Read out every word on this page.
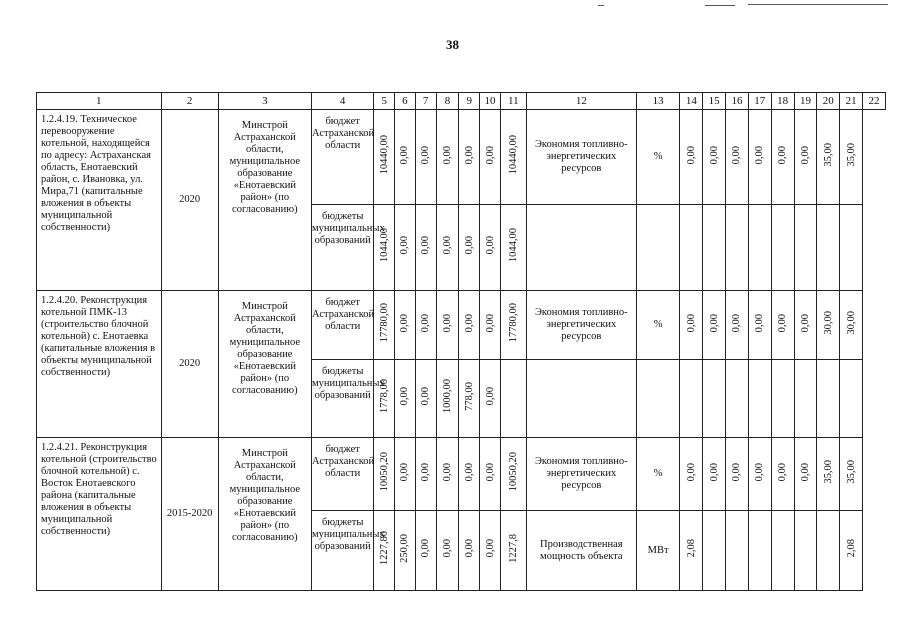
38
1	2	3	4	5	6	7	8	9	10	11	12	13	14	15	16	17	18	19	20	21	22
1.2.4.19. Техническое перевооружение котельной, находящейся по адресу: Астраханская область, Енотаевский район, с. Ивановка, ул. Мира,71 (капитальные вложения в объекты муниципальной собственности)	2020	Минстрой Астраханской области, муниципальное образование «Енотаевский район» (по согласованию)	бюджет Астраханской области	10440,00	0,00	0,00	0,00	0,00	0,00	10440,00	Экономия топливно-энергетических ресурсов	%	0,00	0,00	0,00	0,00	0,00	0,00	35,00	35,00	
			бюджеты муниципальных образований	1044,00	0,00	0,00	0,00	0,00	0,00	1044,00											
1.2.4.20. Реконструкция котельной ПМК-13 (строительство блочной котельной) с. Енотаевка (капитальные вложения в объекты муниципальной собственности)	2020	Минстрой Астраханской области, муниципальное образование «Енотаевский район» (по согласованию)	бюджет Астраханской области	17780,00	0,00	0,00	0,00	0,00	0,00	17780,00	Экономия топливно-энергетических ресурсов	%	0,00	0,00	0,00	0,00	0,00	0,00	30,00	30,00	
			бюджеты муниципальных образований	1778,00	0,00	0,00	1000,00	778,00	0,00												
1.2.4.21. Реконструкция котельной (строительство блочной котельной) с. Восток Енотаевского района (капитальные вложения в объекты муниципальной собственности)	2015-2020	Минстрой Астраханской области, муниципальное образование «Енотаевский район» (по согласованию)	бюджет Астраханской области	10050,20	0,00	0,00	0,00	0,00	0,00	10050,20	Экономия топливно-энергетических ресурсов	%	0,00	0,00	0,00	0,00	0,00	0,00	35,00	35,00	
			бюджеты муниципальных образований	1227,80	250,00	0,00	0,00	0,00	0,00	1227,8	Производственная мощность объекта	МВт	2,08							2,08	
